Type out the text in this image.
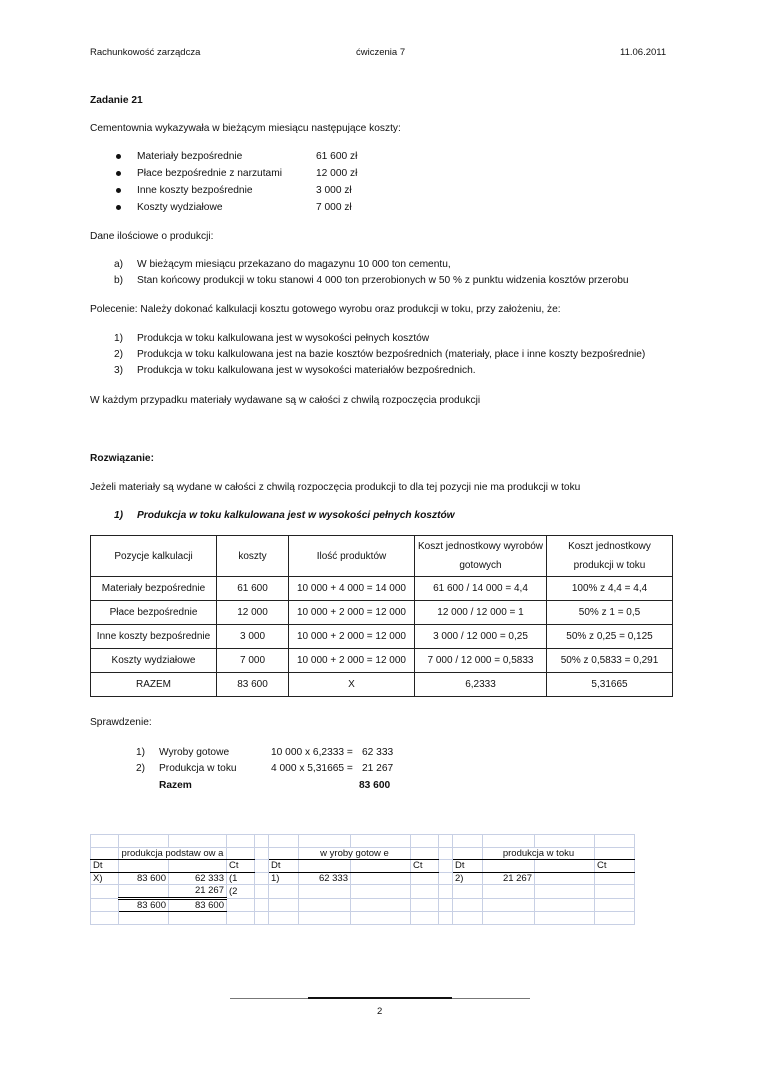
Rachunkowość zarządcza	ćwiczenia 7	11.06.2011
Zadanie 21
Cementownia wykazywała w bieżącym miesiącu następujące koszty:
Materiały bezpośrednie	61 600 zł
Płace bezpośrednie z narzutami	12 000 zł
Inne koszty bezpośrednie	3 000 zł
Koszty wydziałowe	7 000 zł
Dane ilościowe o produkcji:
a) W bieżącym miesiącu przekazano do magazynu 10 000 ton cementu,
b) Stan końcowy produkcji w toku stanowi 4 000 ton przerobionych w 50 % z punktu widzenia kosztów przerobu
Polecenie: Należy dokonać kalkulacji kosztu gotowego wyrobu oraz produkcji w toku, przy założeniu, że:
1) Produkcja w toku kalkulowana jest w wysokości pełnych kosztów
2) Produkcja w toku kalkulowana jest na bazie kosztów bezpośrednich (materiały, płace i inne koszty bezpośrednie)
3) Produkcja w toku kalkulowana jest w wysokości materiałów bezpośrednich.
W każdym przypadku materiały wydawane są w całości z chwilą rozpoczęcia produkcji
Rozwiązanie:
Jeżeli materiały są wydane w całości z chwilą rozpoczęcia produkcji to dla tej pozycji nie ma produkcji w toku
1) Produkcja w toku kalkulowana jest w wysokości pełnych kosztów
Pozycje kalkulacji	koszty	Ilość produktów	Koszt jednostkowy wyrobów gotowych	Koszt jednostkowy produkcji w toku
Materiały bezpośrednie	61 600	10 000 + 4 000 = 14 000	61 600 / 14 000 = 4,4	100% z 4,4 = 4,4
Płace bezpośrednie	12 000	10 000 + 2 000 = 12 000	12 000 / 12 000 = 1	50% z 1 = 0,5
Inne koszty bezpośrednie	3 000	10 000 + 2 000 = 12 000	3 000 / 12 000 = 0,25	50% z 0,25 = 0,125
Koszty wydziałowe	7 000	10 000 + 2 000 = 12 000	7 000 / 12 000 = 0,5833	50% z 0,5833 = 0,291
RAZEM	83 600	X	6,2333	5,31665
Sprawdzenie:
1) Wyroby gotowe	10 000 x 6,2333 = 62 333
2) Produkcja w toku	4 000 x 5,31665 = 21 267
Razem	83 600

	produkcja podstaw ow a					w yroby gotow e					produkcja w toku		
Dt			Ct		Dt			Ct		Dt			Ct
X)	83 600	62 333	(1		1)	62 333				2)	21 267		
		21 267	(2										
	83 600	83 600											

2
